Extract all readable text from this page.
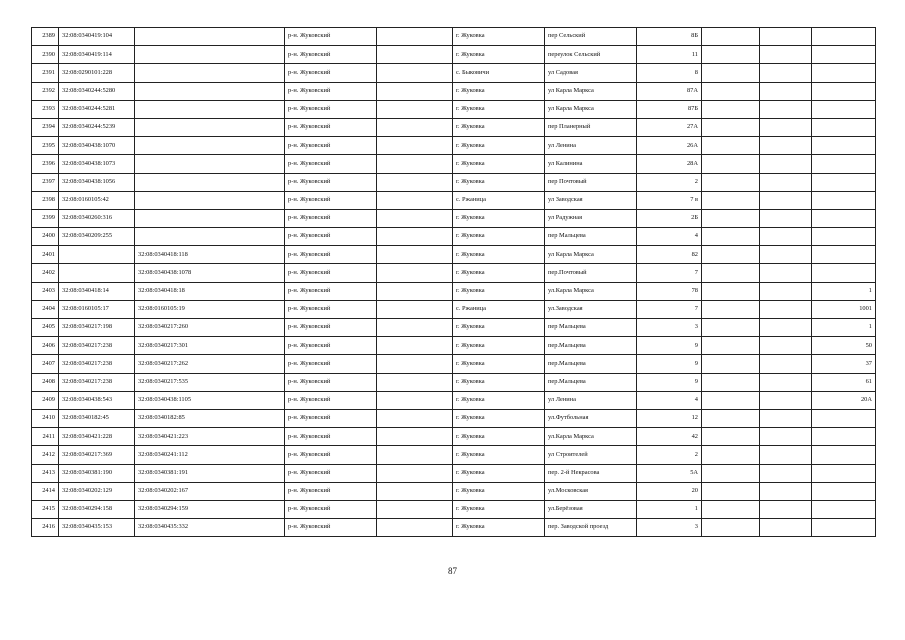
2389	32:08:0340419:104		р-н. Жуковский		г. Жуковка	пер Сельский	8Б			
2390	32:08:0340419:114		р-н. Жуковский		г. Жуковка	переулок Сельский	11			
2391	32:08:0290101:228		р-н. Жуковский		с. Быковичи	ул Садовая	8			
2392	32:08:0340244:5280		р-н. Жуковский		г. Жуковка	ул Карла Маркса	87А			
2393	32:08:0340244:5281		р-н. Жуковский		г. Жуковка	ул Карла Маркса	87Б			
2394	32:08:0340244:5239		р-н. Жуковский		г. Жуковка	пер Планерный	27А			
2395	32:08:0340438:1070		р-н. Жуковский		г. Жуковка	ул Ленина	26А			
2396	32:08:0340438:1073		р-н. Жуковский		г. Жуковка	ул Калинина	28А			
2397	32:08:0340438:1056		р-н. Жуковский		г. Жуковка	пер Почтовый	2			
2398	32:08:0160105:42		р-н. Жуковский		с. Ржаница	ул Заводская	7 в			
2399	32:08:0340260:316		р-н. Жуковский		г. Жуковка	ул Радужная	2Б			
2400	32:08:0340209:255		р-н. Жуковский		г. Жуковка	пер Мальцева	4			
2401		32:08:0340418:118	р-н. Жуковский		г. Жуковка	ул Карла Маркса	82			
2402		32:08:0340438:1078	р-н. Жуковский		г. Жуковка	пер.Почтовый	7			
2403	32:08:0340418:14	32:08:0340418:18	р-н. Жуковский		г. Жуковка	ул.Карла Маркса	78			1
2404	32:08:0160105:17	32:08:0160105:19	р-н. Жуковский		с. Ржаница	ул.Заводская	7			1001
2405	32:08:0340217:198	32:08:0340217:260	р-н. Жуковский		г. Жуковка	пер Мальцева	3			1
2406	32:08:0340217:238	32:08:0340217:301	р-н. Жуковский		г. Жуковка	пер.Мальцева	9			50
2407	32:08:0340217:238	32:08:0340217:262	р-н. Жуковский		г. Жуковка	пер.Мальцева	9			37
2408	32:08:0340217:238	32:08:0340217:535	р-н. Жуковский		г. Жуковка	пер.Мальцева	9			61
2409	32:08:0340438:543	32:08:0340438:1105	р-н. Жуковский		г. Жуковка	ул Ленина	4			20А
2410	32:08:0340182:45	32:08:0340182:85	р-н. Жуковский		г. Жуковка	ул.Футбольная	12			
2411	32:08:0340421:228	32:08:0340421:223	р-н. Жуковский		г. Жуковка	ул.Карла Маркса	42			
2412	32:08:0340217:369	32:08:0340241:112	р-н. Жуковский		г. Жуковка	ул Строителей	2			
2413	32:08:0340381:190	32:08:0340381:191	р-н. Жуковский		г. Жуковка	пер. 2-й Некрасова	5А			
2414	32:08:0340202:129	32:08:0340202:167	р-н. Жуковский		г. Жуковка	ул.Московская	20			
2415	32:08:0340294:158	32:08:0340294:159	р-н. Жуковский		г. Жуковка	ул.Берёзовая	1			
2416	32:08:0340435:153	32:08:0340435:332	р-н. Жуковский		г. Жуковка	пер. Заводской проезд	3			
87
